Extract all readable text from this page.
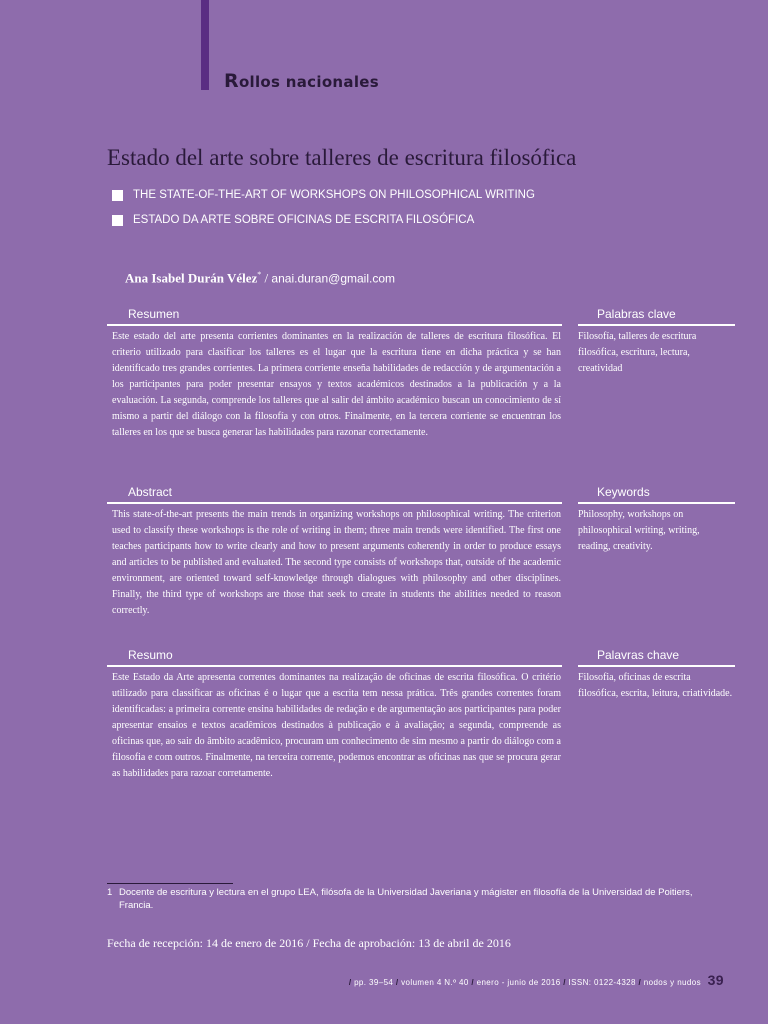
Rollos nacionales
Estado del arte sobre talleres de escritura filosófica
THE STATE-OF-THE-ART OF WORKSHOPS ON PHILOSOPHICAL WRITING
ESTADO DA ARTE SOBRE OFICINAS DE ESCRITA FILOSÓFICA
Ana Isabel Durán Vélez* / anai.duran@gmail.com
Resumen
Este estado del arte presenta corrientes dominantes en la realización de talleres de escritura filosófica. El criterio utilizado para clasificar los talleres es el lugar que la escritura tiene en dicha práctica y se han identificado tres grandes corrientes. La primera corriente enseña habilidades de redacción y de argumentación a los participantes para poder presentar ensayos y textos académicos destinados a la publicación y a la evaluación. La segunda, comprende los talleres que al salir del ámbito académico buscan un conocimiento de sí mismo a partir del diálogo con la filosofía y con otros. Finalmente, en la tercera corriente se encuentran los talleres en los que se busca generar las habilidades para razonar correctamente.
Palabras clave
Filosofía, talleres de escritura filosófica, escritura, lectura, creatividad
Abstract
This state-of-the-art presents the main trends in organizing workshops on philosophical writing. The criterion used to classify these workshops is the role of writing in them; three main trends were identified. The first one teaches participants how to write clearly and how to present arguments coherently in order to produce essays and articles to be published and evaluated. The second type consists of workshops that, outside of the academic environment, are oriented toward self-knowledge through dialogues with philosophy and other disciplines. Finally, the third type of workshops are those that seek to create in students the abilities needed to reason correctly.
Keywords
Philosophy, workshops on philosophical writing, writing, reading, creativity.
Resumo
Este Estado da Arte apresenta correntes dominantes na realização de oficinas de escrita filosófica. O critério utilizado para classificar as oficinas é o lugar que a escrita tem nessa prática. Três grandes correntes foram identificadas: a primeira corrente ensina habilidades de redação e de argumentação aos participantes para poder apresentar ensaios e textos acadêmicos destinados à publicação e à avaliação; a segunda, compreende as oficinas que, ao sair do âmbito acadêmico, procuram um conhecimento de sim mesmo a partir do diálogo com a filosofia e com outros. Finalmente, na terceira corrente, podemos encontrar as oficinas nas que se procura gerar as habilidades para razoar corretamente.
Palavras chave
Filosofia, oficinas de escrita filosófica, escrita, leitura, criatividade.
1 Docente de escritura y lectura en el grupo LEA, filósofa de la Universidad Javeriana y mágister en filosofía de la Universidad de Poitiers,
Francia.
Fecha de recepción: 14 de enero de 2016 / Fecha de aprobación: 13 de abril de 2016
/ pp. 39–54 / volumen 4 N.º 40 / enero - junio de 2016 / ISSN: 0122-4328 / nodos y nudos 39
